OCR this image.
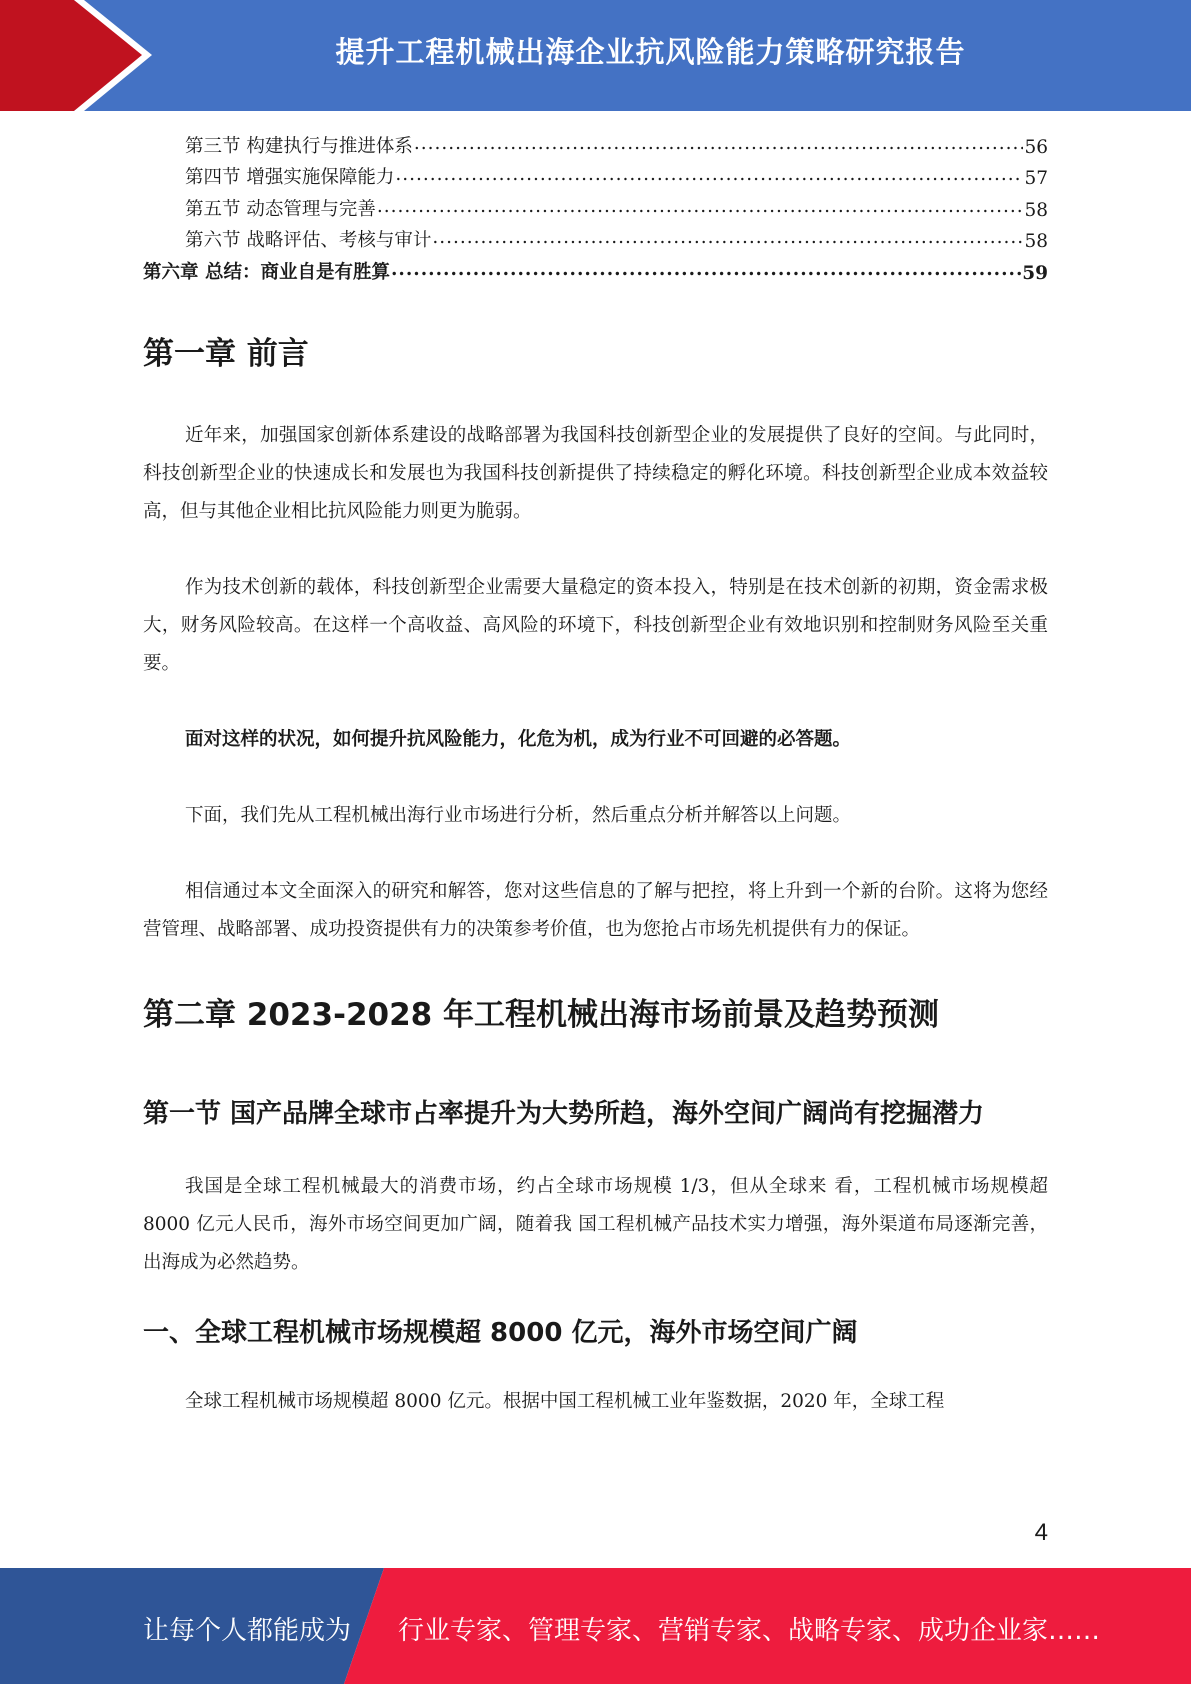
提升工程机械出海企业抗风险能力策略研究报告
第三节 构建执行与推进体系 .....	56
第四节 增强实施保障能力 .....	57
第五节 动态管理与完善 .....	58
第六节 战略评估、考核与审计 .....	58
第六章 总结：商业自是有胜算 .....	59
第一章 前言

近年来，加强国家创新体系建设的战略部署为我国科技创新型企业的发展提供了良好的空间。与此同时，科技创新型企业的快速成长和发展也为我国科技创新提供了持续稳定的孵化环境。科技创新型企业成本效益较高，但与其他企业相比抗风险能力则更为脆弱。

作为技术创新的载体，科技创新型企业需要大量稳定的资本投入，特别是在技术创新的初期，资金需求极大，财务风险较高。在这样一个高收益、高风险的环境下，科技创新型企业有效地识别和控制财务风险至关重要。

面对这样的状况，如何提升抗风险能力，化危为机，成为行业不可回避的必答题。

下面，我们先从工程机械出海行业市场进行分析，然后重点分析并解答以上问题。

相信通过本文全面深入的研究和解答，您对这些信息的了解与把控，将上升到一个新的台阶。这将为您经营管理、战略部署、成功投资提供有力的决策参考价值，也为您抢占市场先机提供有力的保证。

第二章 2023-2028 年工程机械出海市场前景及趋势预测
第一节 国产品牌全球市占率提升为大势所趋，海外空间广阔尚有挖掘潜力

我国是全球工程机械最大的消费市场，约占全球市场规模 1/3，但从全球来 看，工程机械市场规模超 8000 亿元人民币，海外市场空间更加广阔，随着我 国工程机械产品技术实力增强，海外渠道布局逐渐完善，出海成为必然趋势。

一、全球工程机械市场规模超 8000 亿元，海外市场空间广阔

全球工程机械市场规模超 8000 亿元。根据中国工程机械工业年鉴数据，2020 年，全球工程

4
让每个人都能成为 行业专家、管理专家、营销专家、战略专家、成功企业家……
